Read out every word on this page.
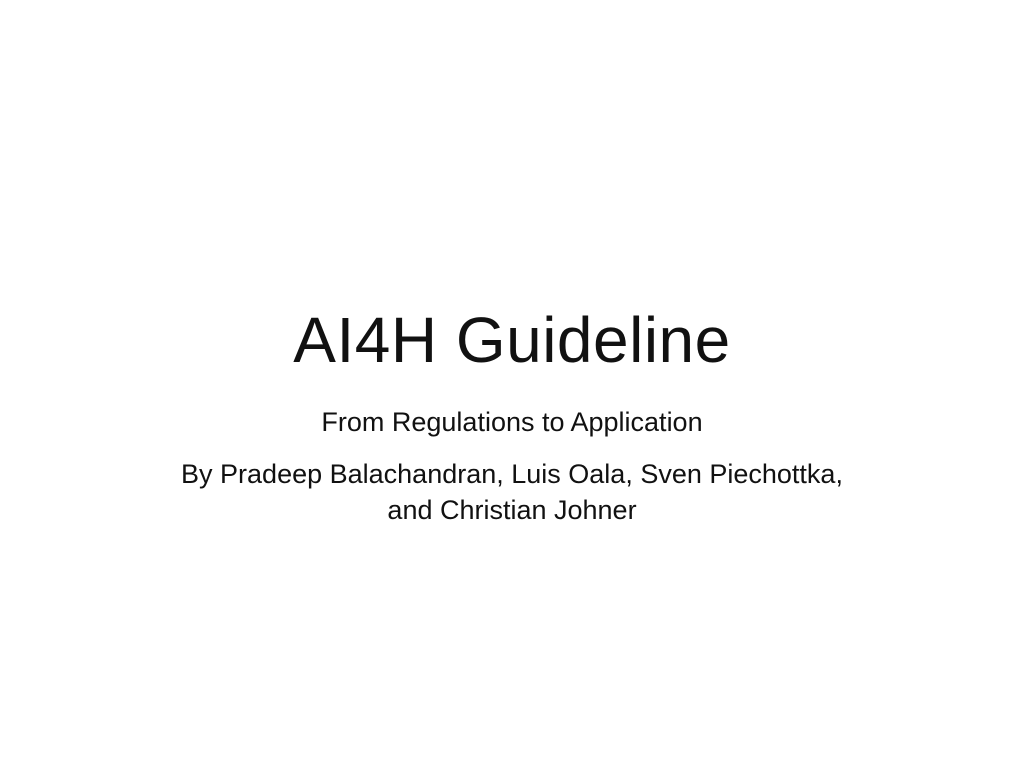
AI4H Guideline

From Regulations to Application

By Pradeep Balachandran, Luis Oala, Sven Piechottka,
and Christian Johner
